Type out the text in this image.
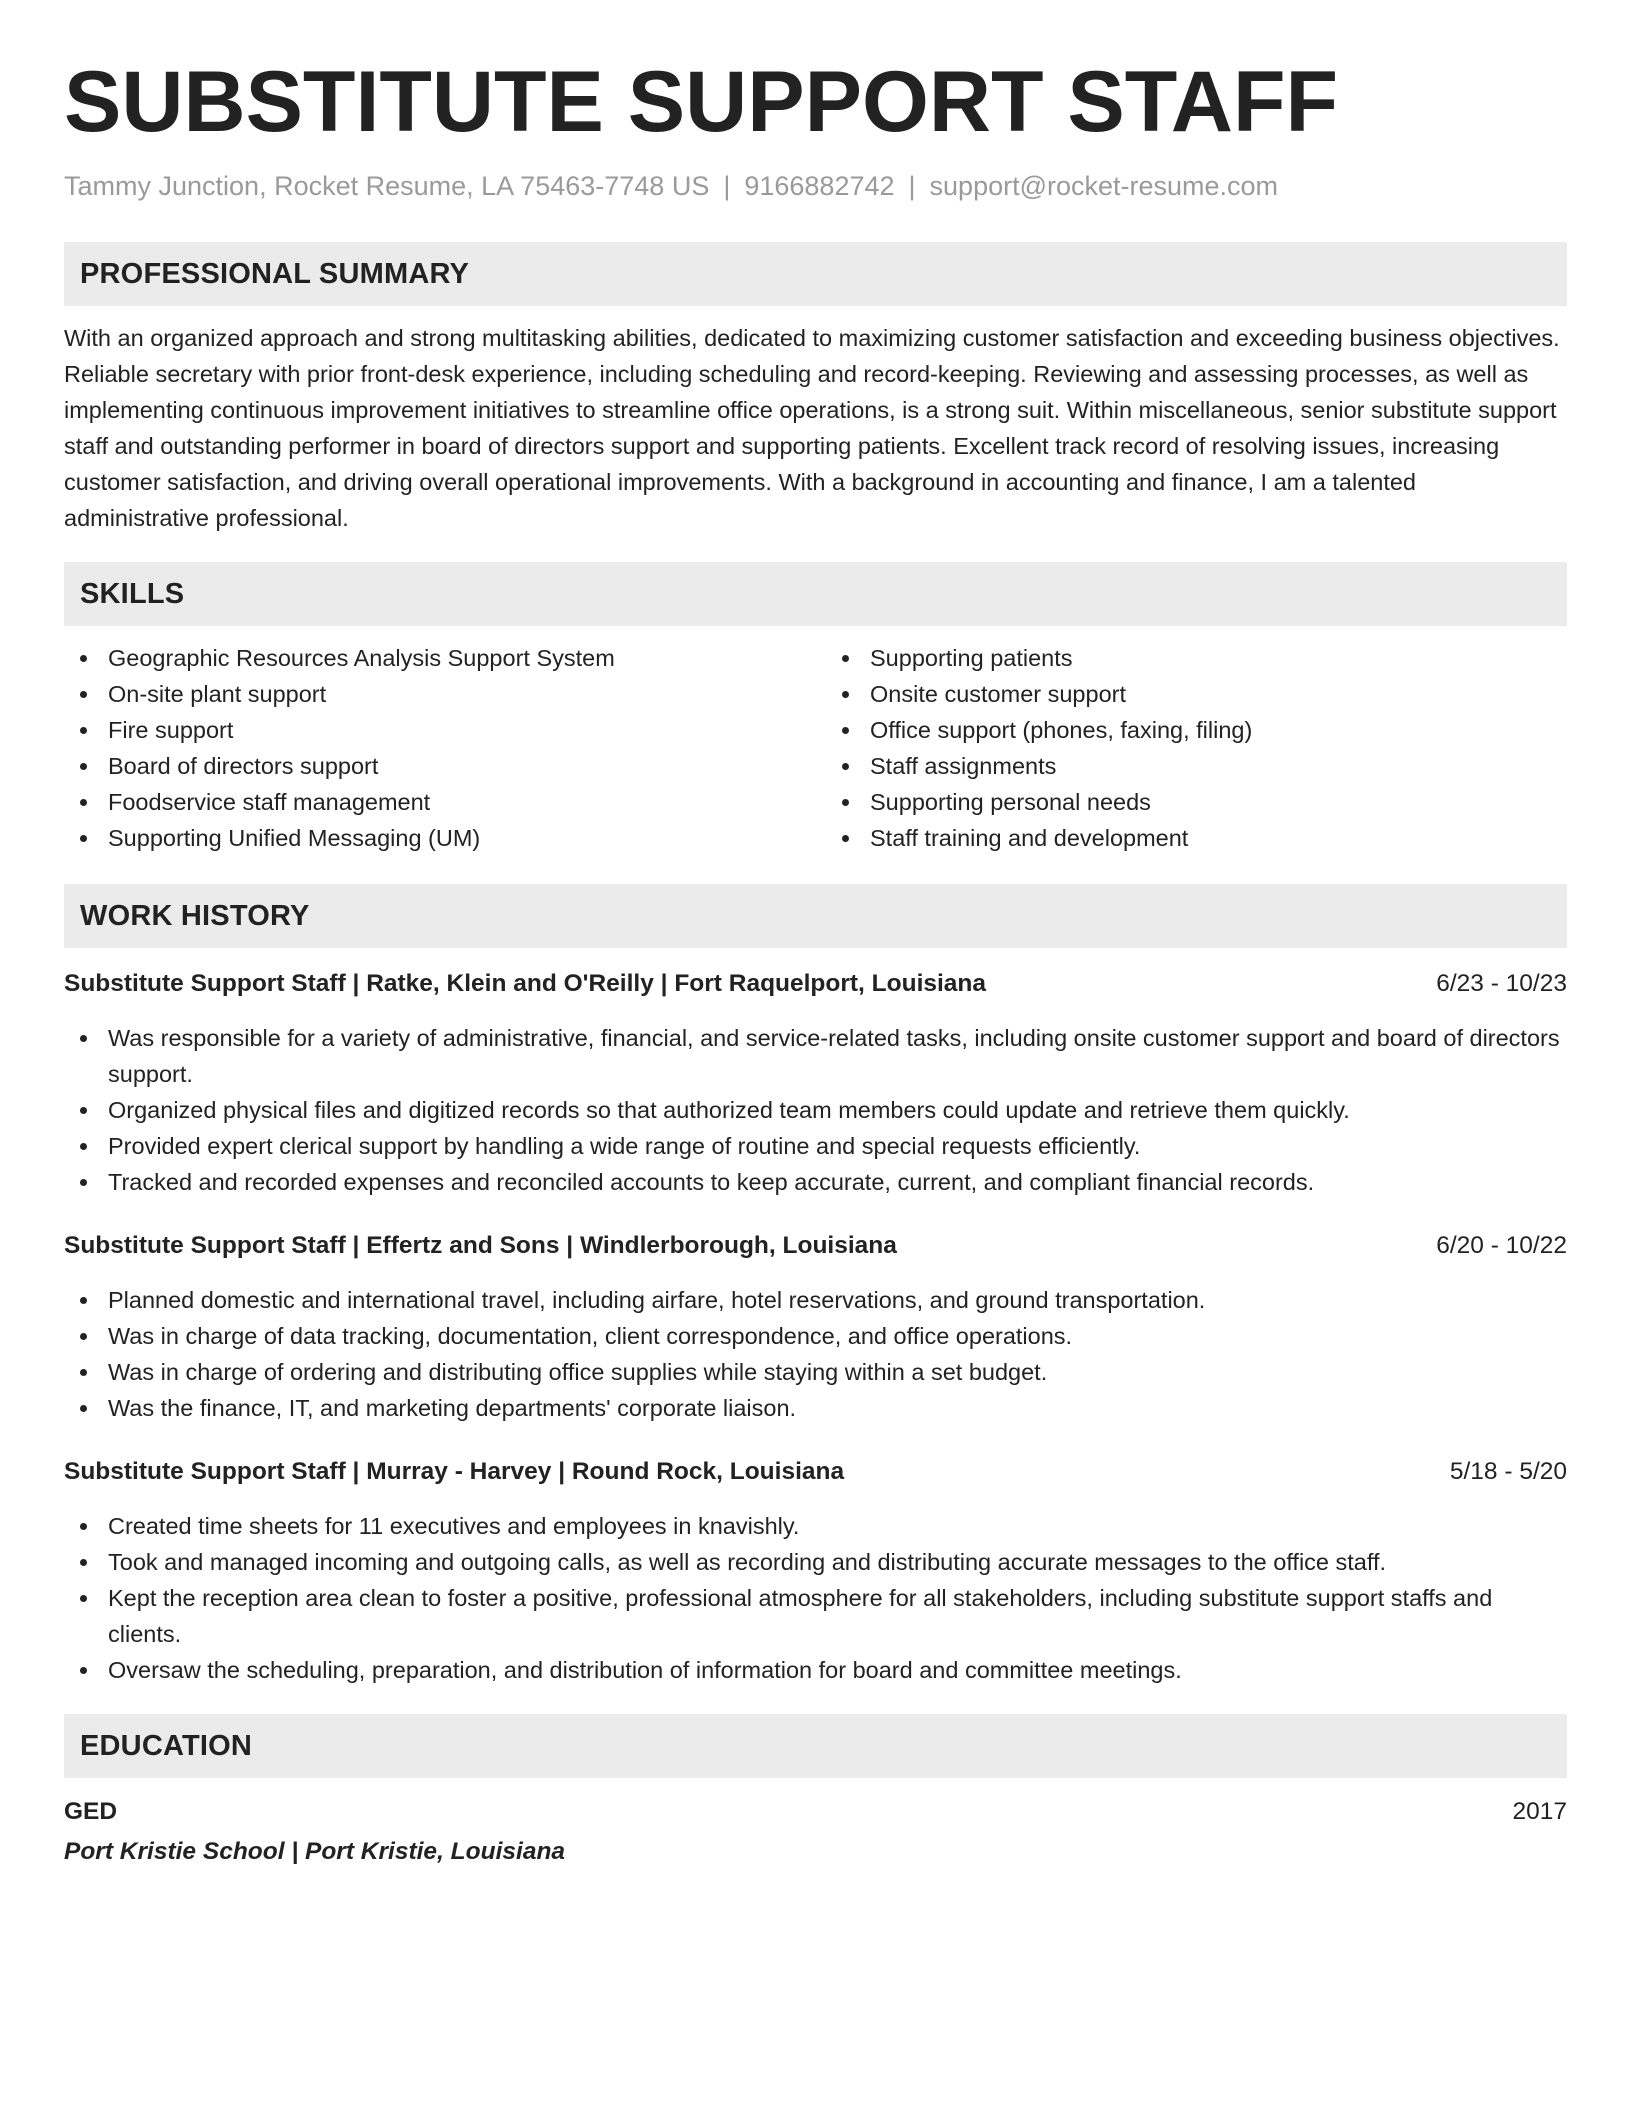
SUBSTITUTE SUPPORT STAFF
Tammy Junction, Rocket Resume, LA 75463-7748 US | 9166882742 | support@rocket-resume.com
PROFESSIONAL SUMMARY
With an organized approach and strong multitasking abilities, dedicated to maximizing customer satisfaction and exceeding business objectives. Reliable secretary with prior front-desk experience, including scheduling and record-keeping. Reviewing and assessing processes, as well as implementing continuous improvement initiatives to streamline office operations, is a strong suit. Within miscellaneous, senior substitute support staff and outstanding performer in board of directors support and supporting patients. Excellent track record of resolving issues, increasing customer satisfaction, and driving overall operational improvements. With a background in accounting and finance, I am a talented administrative professional.
SKILLS
Geographic Resources Analysis Support System
On-site plant support
Fire support
Board of directors support
Foodservice staff management
Supporting Unified Messaging (UM)
Supporting patients
Onsite customer support
Office support (phones, faxing, filing)
Staff assignments
Supporting personal needs
Staff training and development
WORK HISTORY
Substitute Support Staff | Ratke, Klein and O'Reilly | Fort Raquelport, Louisiana	6/23 - 10/23
Was responsible for a variety of administrative, financial, and service-related tasks, including onsite customer support and board of directors support.
Organized physical files and digitized records so that authorized team members could update and retrieve them quickly.
Provided expert clerical support by handling a wide range of routine and special requests efficiently.
Tracked and recorded expenses and reconciled accounts to keep accurate, current, and compliant financial records.
Substitute Support Staff | Effertz and Sons | Windlerborough, Louisiana	6/20 - 10/22
Planned domestic and international travel, including airfare, hotel reservations, and ground transportation.
Was in charge of data tracking, documentation, client correspondence, and office operations.
Was in charge of ordering and distributing office supplies while staying within a set budget.
Was the finance, IT, and marketing departments' corporate liaison.
Substitute Support Staff | Murray - Harvey | Round Rock, Louisiana	5/18 - 5/20
Created time sheets for 11 executives and employees in knavishly.
Took and managed incoming and outgoing calls, as well as recording and distributing accurate messages to the office staff.
Kept the reception area clean to foster a positive, professional atmosphere for all stakeholders, including substitute support staffs and clients.
Oversaw the scheduling, preparation, and distribution of information for board and committee meetings.
EDUCATION
GED	2017
Port Kristie School | Port Kristie, Louisiana
